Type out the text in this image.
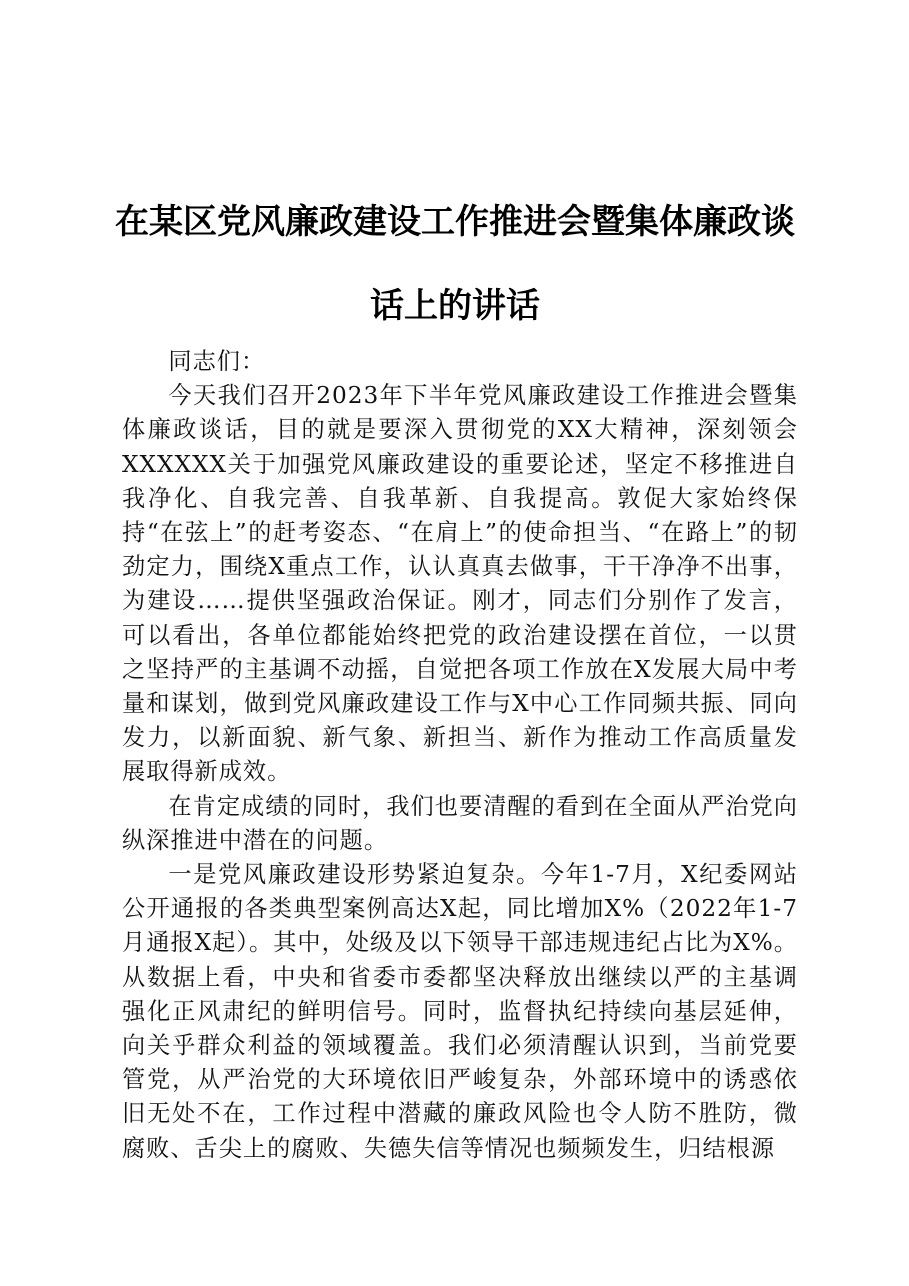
在某区党风廉政建设工作推进会暨集体廉政谈话上的讲话

同志们：

今天我们召开2023年下半年党风廉政建设工作推进会暨集体廉政谈话，目的就是要深入贯彻党的XX大精神，深刻领会XXXXXX关于加强党风廉政建设的重要论述，坚定不移推进自我净化、自我完善、自我革新、自我提高。敦促大家始终保持“在弦上”的赶考姿态、“在肩上”的使命担当、“在路上”的韧劲定力，围绕X重点工作，认认真真去做事，干干净净不出事，为建设……提供坚强政治保证。刚才，同志们分别作了发言，可以看出，各单位都能始终把党的政治建设摆在首位，一以贯之坚持严的主基调不动摇，自觉把各项工作放在X发展大局中考量和谋划，做到党风廉政建设工作与X中心工作同频共振、同向发力，以新面貌、新气象、新担当、新作为推动工作高质量发展取得新成效。

在肯定成绩的同时，我们也要清醒的看到在全面从严治党向纵深推进中潜在的问题。

一是党风廉政建设形势紧迫复杂。今年1-7月，X纪委网站公开通报的各类典型案例高达X起，同比增加X%（2022年1-7月通报X起）。其中，处级及以下领导干部违规违纪占比为X%。从数据上看，中央和省委市委都坚决释放出继续以严的主基调强化正风肃纪的鲜明信号。同时，监督执纪持续向基层延伸，向关乎群众利益的领域覆盖。我们必须清醒认识到，当前党要管党，从严治党的大环境依旧严峻复杂，外部环境中的诱惑依旧无处不在，工作过程中潜藏的廉政风险也令人防不胜防，微腐败、舌尖上的腐败、失德失信等情况也频频发生，归结根源
